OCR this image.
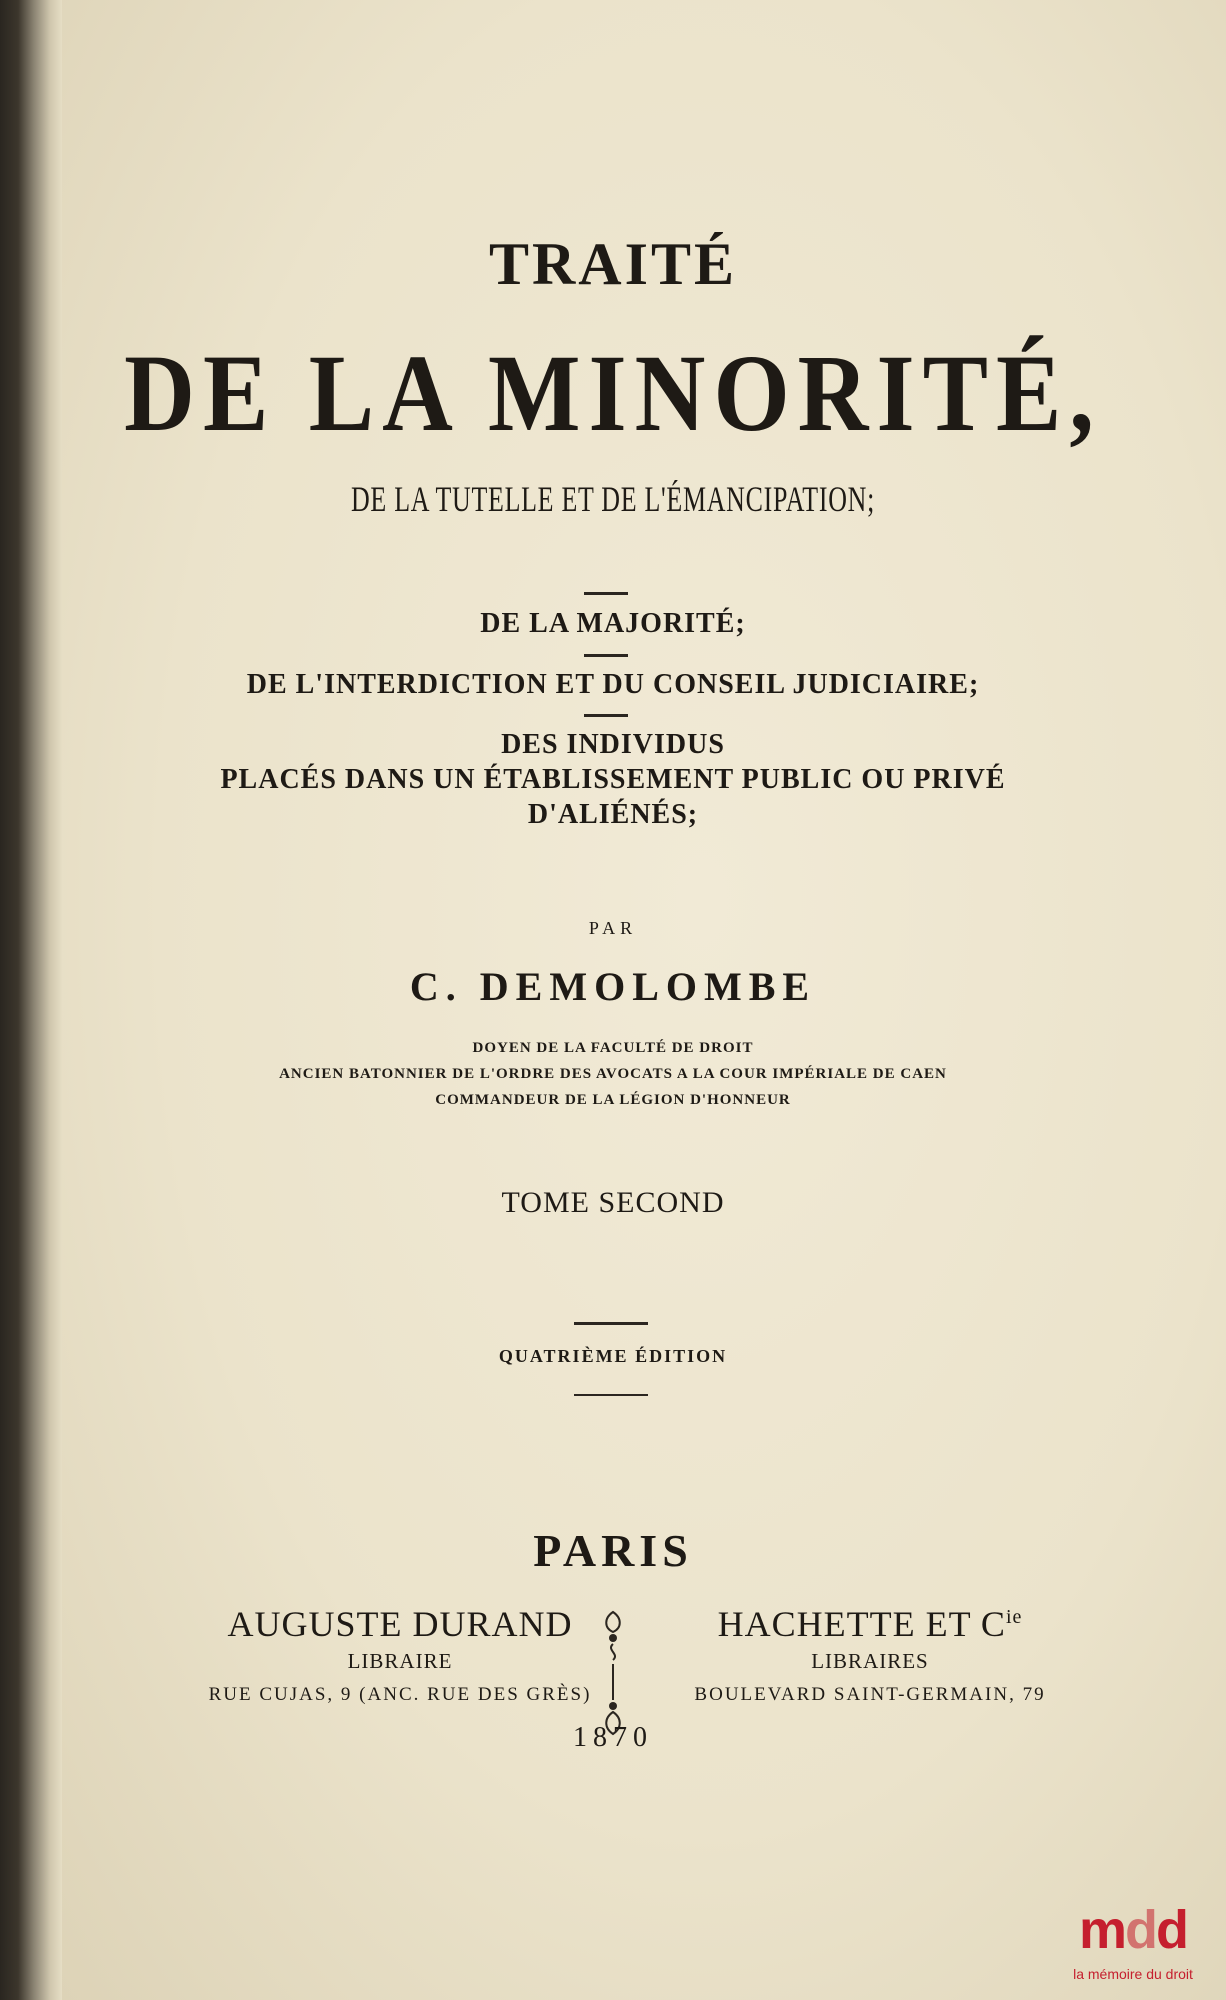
TRAITÉ
DE LA MINORITÉ,
DE LA TUTELLE ET DE L'ÉMANCIPATION;
DE LA MAJORITÉ;
DE L'INTERDICTION ET DU CONSEIL JUDICIAIRE;
DES INDIVIDUS
PLACÉS DANS UN ÉTABLISSEMENT PUBLIC OU PRIVÉ
D'ALIÉNÉS;
PAR
C. DEMOLOMBE
DOYEN DE LA FACULTÉ DE DROIT
ANCIEN BATONNIER DE L'ORDRE DES AVOCATS A LA COUR IMPÉRIALE DE CAEN
COMMANDEUR DE LA LÉGION D'HONNEUR
TOME SECOND
QUATRIÈME ÉDITION
PARIS
AUGUSTE DURAND
LIBRAIRE
RUE CUJAS, 9 (ANC. RUE DES GRÈS)
HACHETTE ET $C^{ie}$
LIBRAIRES
BOULEVARD SAINT-GERMAIN, 79
1870
mdd
la mémoire du droit
